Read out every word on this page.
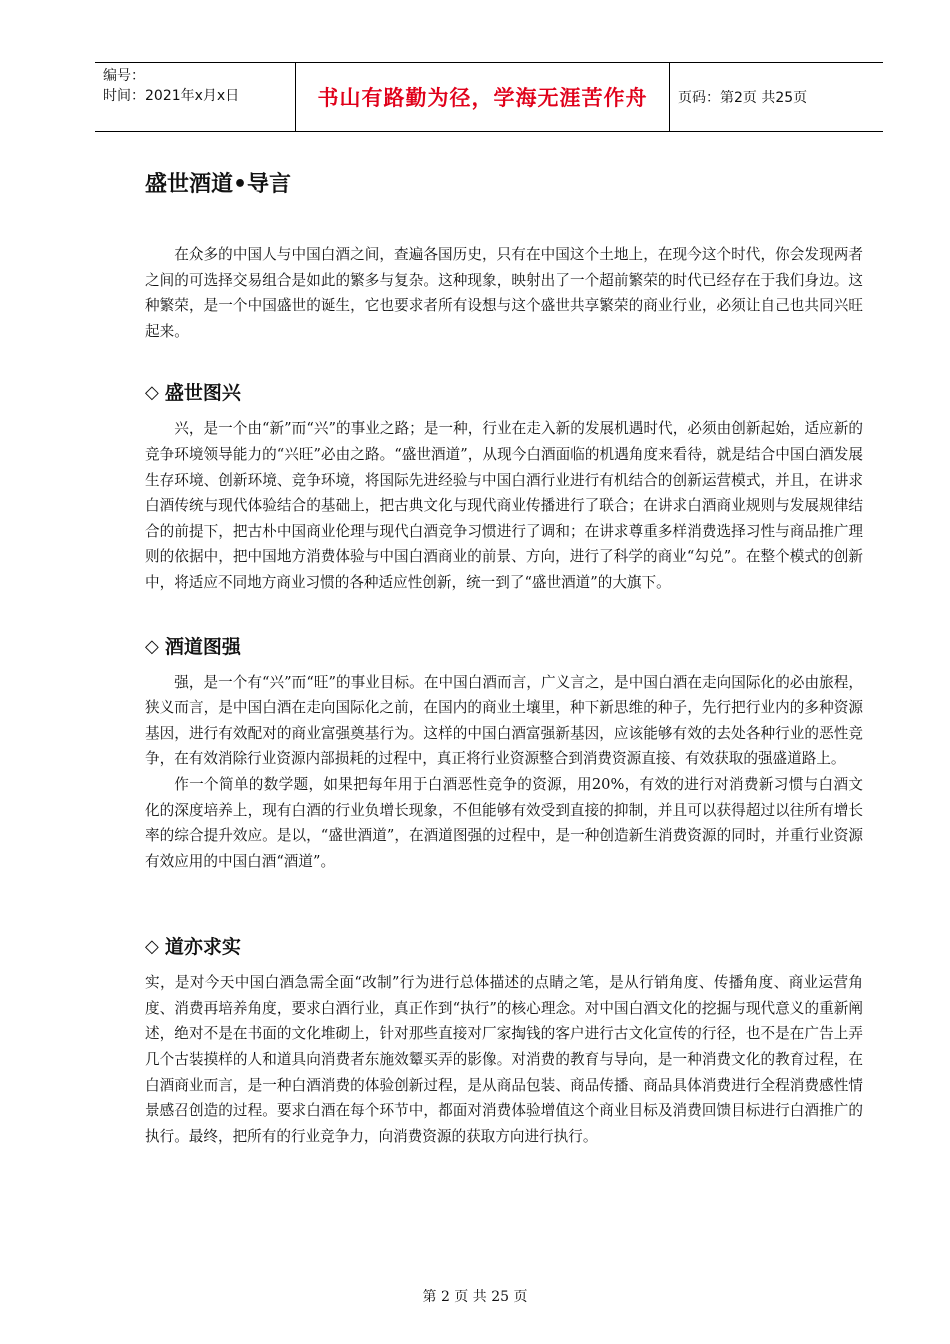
编号：
时间：2021年x月x日	书山有路勤为径，学海无涯苦作舟	页码：第2页 共25页
盛世酒道•导言

在众多的中国人与中国白酒之间，查遍各国历史，只有在中国这个土地上，在现今这个时代，你会发现两者之间的可选择交易组合是如此的繁多与复杂。这种现象，映射出了一个超前繁荣的时代已经存在于我们身边。这种繁荣，是一个中国盛世的诞生，它也要求者所有设想与这个盛世共享繁荣的商业行业，必须让自己也共同兴旺起来。

◇ 盛世图兴

兴，是一个由“新”而“兴”的事业之路；是一种，行业在走入新的发展机遇时代，必须由创新起始，适应新的竞争环境领导能力的“兴旺”必由之路。“盛世酒道”，从现今白酒面临的机遇角度来看待，就是结合中国白酒发展生存环境、创新环境、竞争环境，将国际先进经验与中国白酒行业进行有机结合的创新运营模式，并且，在讲求白酒传统与现代体验结合的基础上，把古典文化与现代商业传播进行了联合；在讲求白酒商业规则与发展规律结合的前提下，把古朴中国商业伦理与现代白酒竞争习惯进行了调和；在讲求尊重多样消费选择习性与商品推广理则的依据中，把中国地方消费体验与中国白酒商业的前景、方向，进行了科学的商业“勾兑”。在整个模式的创新中，将适应不同地方商业习惯的各种适应性创新，统一到了“盛世酒道”的大旗下。

◇ 酒道图强

强，是一个有“兴”而“旺”的事业目标。在中国白酒而言，广义言之，是中国白酒在走向国际化的必由旅程，狭义而言，是中国白酒在走向国际化之前，在国内的商业土壤里，种下新思维的种子，先行把行业内的多种资源基因，进行有效配对的商业富强奠基行为。这样的中国白酒富强新基因，应该能够有效的去处各种行业的恶性竞争，在有效消除行业资源内部损耗的过程中，真正将行业资源整合到消费资源直接、有效获取的强盛道路上。

作一个简单的数学题，如果把每年用于白酒恶性竞争的资源，用20%，有效的进行对消费新习惯与白酒文化的深度培养上，现有白酒的行业负增长现象，不但能够有效受到直接的抑制，并且可以获得超过以往所有增长率的综合提升效应。是以，“盛世酒道”，在酒道图强的过程中，是一种创造新生消费资源的同时，并重行业资源有效应用的中国白酒“酒道”。

◇ 道亦求实

实，是对今天中国白酒急需全面“改制”行为进行总体描述的点睛之笔，是从行销角度、传播角度、商业运营角度、消费再培养角度，要求白酒行业，真正作到“执行”的核心理念。对中国白酒文化的挖掘与现代意义的重新阐述，绝对不是在书面的文化堆砌上，针对那些直接对厂家掏钱的客户进行古文化宣传的行径，也不是在广告上弄几个古装摸样的人和道具向消费者东施效颦买弄的影像。对消费的教育与导向，是一种消费文化的教育过程，在白酒商业而言，是一种白酒消费的体验创新过程，是从商品包装、商品传播、商品具体消费进行全程消费感性情景感召创造的过程。要求白酒在每个环节中，都面对消费体验增值这个商业目标及消费回馈目标进行白酒推广的执行。最终，把所有的行业竞争力，向消费资源的获取方向进行执行。

第 2 页 共 25 页
